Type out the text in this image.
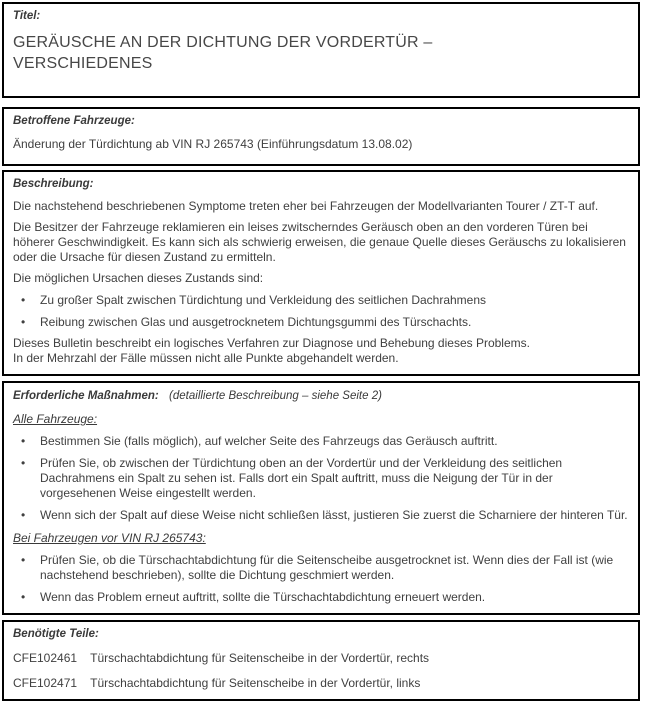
Titel:
GERÄUSCHE AN DER DICHTUNG DER VORDERTÜR – VERSCHIEDENES
Betroffene Fahrzeuge:
Änderung der Türdichtung ab VIN RJ 265743 (Einführungsdatum 13.08.02)
Beschreibung:

Die nachstehend beschriebenen Symptome treten eher bei Fahrzeugen der Modellvarianten Tourer / ZT-T auf.

Die Besitzer der Fahrzeuge reklamieren ein leises zwitscherndes Geräusch oben an den vorderen Türen bei höherer Geschwindigkeit. Es kann sich als schwierig erweisen, die genaue Quelle dieses Geräuschs zu lokalisieren oder die Ursache für diesen Zustand zu ermitteln.

Die möglichen Ursachen dieses Zustands sind:

• Zu großer Spalt zwischen Türdichtung und Verkleidung des seitlichen Dachrahmens
• Reibung zwischen Glas und ausgetrocknetem Dichtungsgummi des Türschachts.
Dieses Bulletin beschreibt ein logisches Verfahren zur Diagnose und Behebung dieses Problems.
In der Mehrzahl der Fälle müssen nicht alle Punkte abgehandelt werden.
Erforderliche Maßnahmen: (detaillierte Beschreibung – siehe Seite 2)
Alle Fahrzeuge:
• Bestimmen Sie (falls möglich), auf welcher Seite des Fahrzeugs das Geräusch auftritt.
• Prüfen Sie, ob zwischen der Türdichtung oben an der Vordertür und der Verkleidung des seitlichen Dachrahmens ein Spalt zu sehen ist. Falls dort ein Spalt auftritt, muss die Neigung der Tür in der vorgesehenen Weise eingestellt werden.
• Wenn sich der Spalt auf diese Weise nicht schließen lässt, justieren Sie zuerst die Scharniere der hinteren Tür.
Bei Fahrzeugen vor VIN RJ 265743:
• Prüfen Sie, ob die Türschachtabdichtung für die Seitenscheibe ausgetrocknet ist. Wenn dies der Fall ist (wie nachstehend beschrieben), sollte die Dichtung geschmiert werden.
• Wenn das Problem erneut auftritt, sollte die Türschachtabdichtung erneuert werden.
Benötigte Teile:
CFE102461 Türschachtabdichtung für Seitenscheibe in der Vordertür, rechts
CFE102471 Türschachtabdichtung für Seitenscheibe in der Vordertür, links
